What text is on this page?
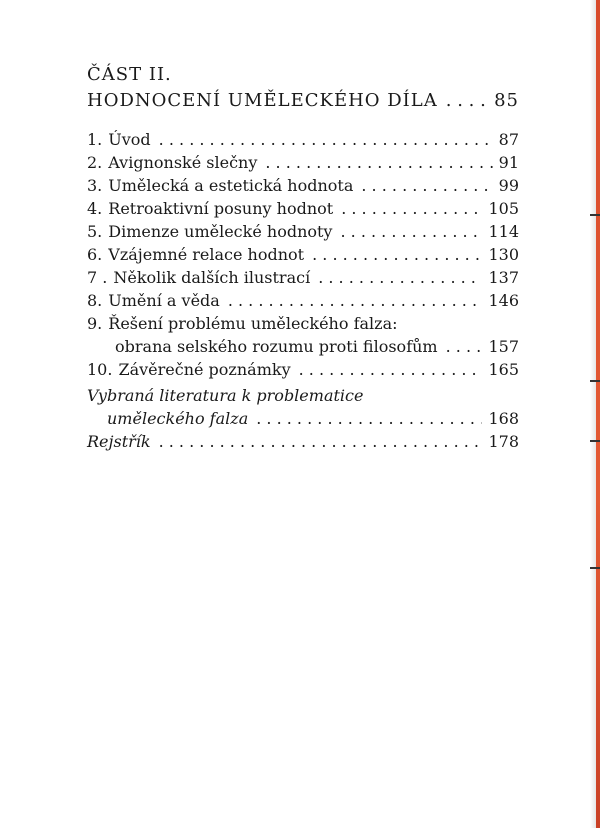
ČÁST II.
HODNOCENÍ UMĚLECKÉHO DÍLA . . .	85
1. Úvod . . .	87
2. Avignonské slečny . . .	91
3. Umělecká a estetická hodnota . . .	99
4. Retroaktivní posuny hodnot . . .	105
5. Dimenze umělecké hodnoty . . .	114
6. Vzájemné relace hodnot . . .	130
7 . Několik dalších ilustrací . . .	137
8. Umění a věda . . .	146
9. Řešení problému uměleckého falza:
obrana selského rozumu proti filosofům . . .	157
10. Závěrečné poznámky . . .	165
Vybraná literatura k problematice
uměleckého falza . . .	168
Rejstřík . . .	178
